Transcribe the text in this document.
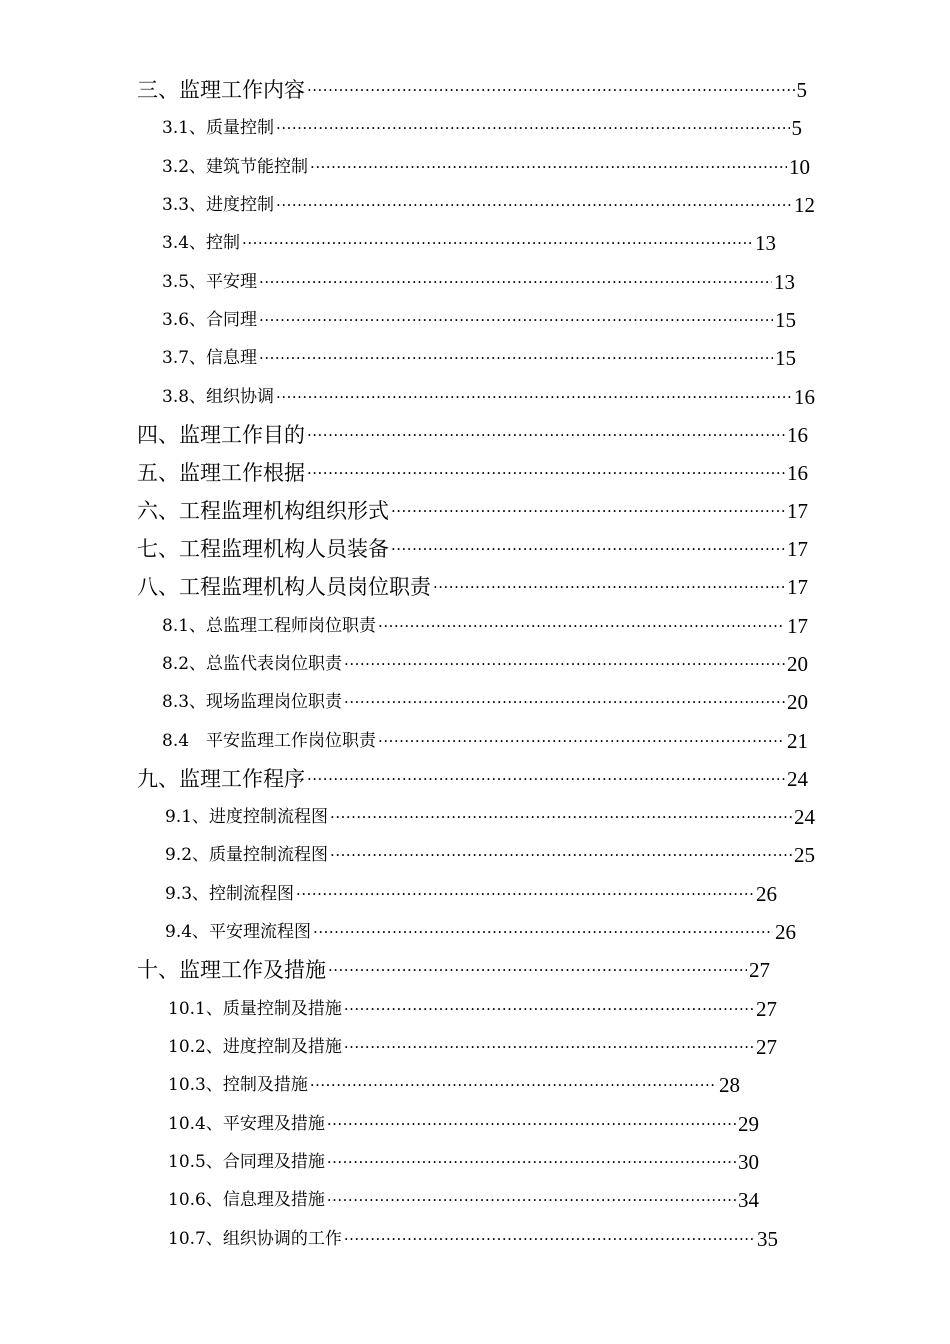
三、监理工作内容 ·····	5
3.1、质量控制 ·····	5
3.2、建筑节能控制 ·····	10
3.3、进度控制 ·····	12
3.4、控制 ·····	13
3.5、平安理 ·····	13
3.6、合同理 ·····	15
3.7、信息理 ·····	15
3.8、组织协调 ·····	16
四、监理工作目的 ·····	16
五、监理工作根据 ·····	16
六、工程监理机构组织形式 ·····	17
七、工程监理机构人员装备 ·····	17
八、工程监理机构人员岗位职责 ·····	17
8.1、总监理工程师岗位职责 ·····	17
8.2、总监代表岗位职责 ·····	20
8.3、现场监理岗位职责 ·····	20
8.4　平安监理工作岗位职责 ·····	21
九、监理工作程序 ·····	24
9.1、进度控制流程图 ·····	24
9.2、质量控制流程图 ·····	25
9.3、控制流程图 ·····	26
9.4、平安理流程图 ·····	26
十、监理工作及措施 ·····	27
10.1、质量控制及措施 ·····	27
10.2、进度控制及措施 ·····	27
10.3、控制及措施 ·····	28
10.4、平安理及措施 ·····	29
10.5、合同理及措施 ·····	30
10.6、信息理及措施 ·····	34
10.7、组织协调的工作 ·····	35
